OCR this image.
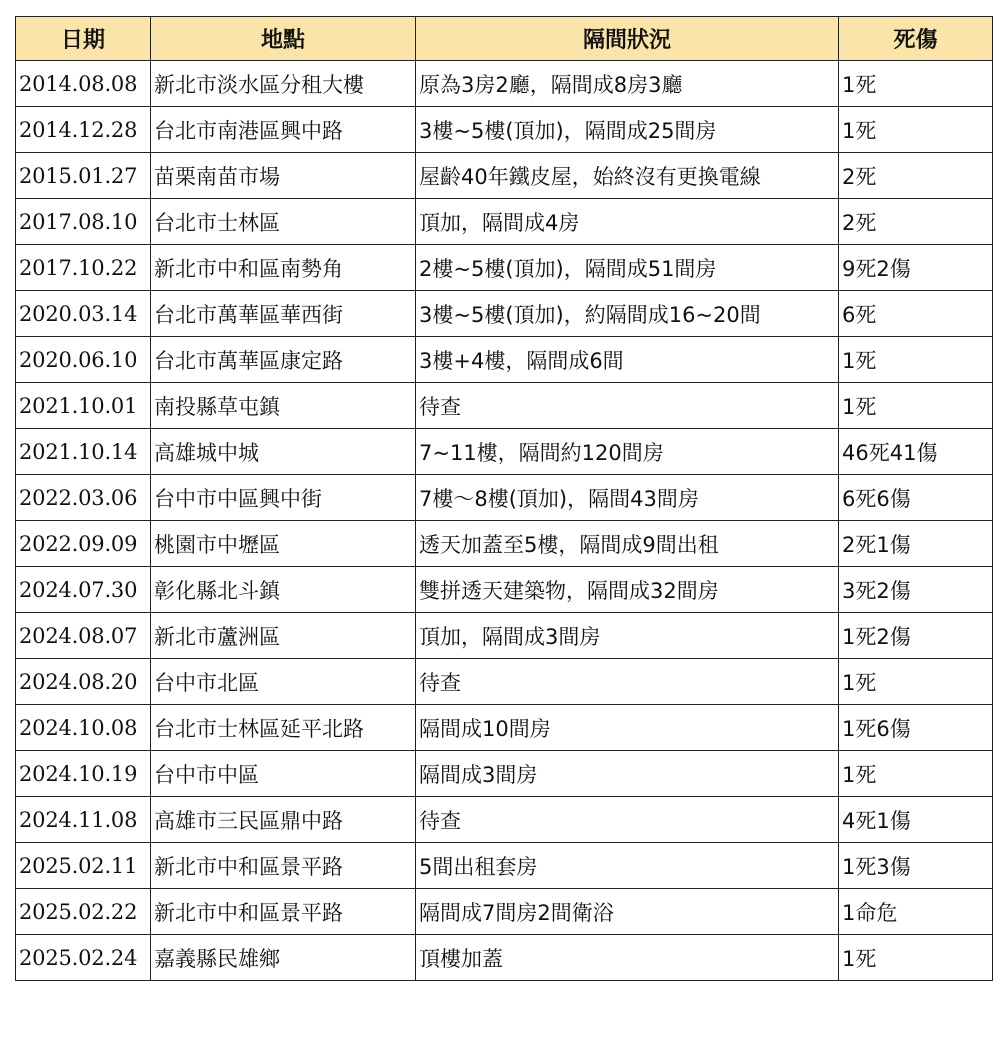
日期	地點	隔間狀況	死傷
2014.08.08	新北市淡水區分租大樓	原為3房2廳，隔間成8房3廳	1死
2014.12.28	台北市南港區興中路	3樓~5樓(頂加)，隔間成25間房	1死
2015.01.27	苗栗南苗市場	屋齡40年鐵皮屋，始終沒有更換電線	2死
2017.08.10	台北市士林區	頂加，隔間成4房	2死
2017.10.22	新北市中和區南勢角	2樓~5樓(頂加)，隔間成51間房	9死2傷
2020.03.14	台北市萬華區華西街	3樓~5樓(頂加)，約隔間成16~20間	6死
2020.06.10	台北市萬華區康定路	3樓+4樓，隔間成6間	1死
2021.10.01	南投縣草屯鎮	待查	1死
2021.10.14	高雄城中城	7~11樓，隔間約120間房	46死41傷
2022.03.06	台中市中區興中街	7樓～8樓(頂加)，隔間43間房	6死6傷
2022.09.09	桃園市中壢區	透天加蓋至5樓，隔間成9間出租	2死1傷
2024.07.30	彰化縣北斗鎮	雙拼透天建築物，隔間成32間房	3死2傷
2024.08.07	新北市蘆洲區	頂加，隔間成3間房	1死2傷
2024.08.20	台中市北區	待查	1死
2024.10.08	台北市士林區延平北路	隔間成10間房	1死6傷
2024.10.19	台中市中區	隔間成3間房	1死
2024.11.08	高雄市三民區鼎中路	待查	4死1傷
2025.02.11	新北市中和區景平路	5間出租套房	1死3傷
2025.02.22	新北市中和區景平路	隔間成7間房2間衛浴	1命危
2025.02.24	嘉義縣民雄鄉	頂樓加蓋	1死
